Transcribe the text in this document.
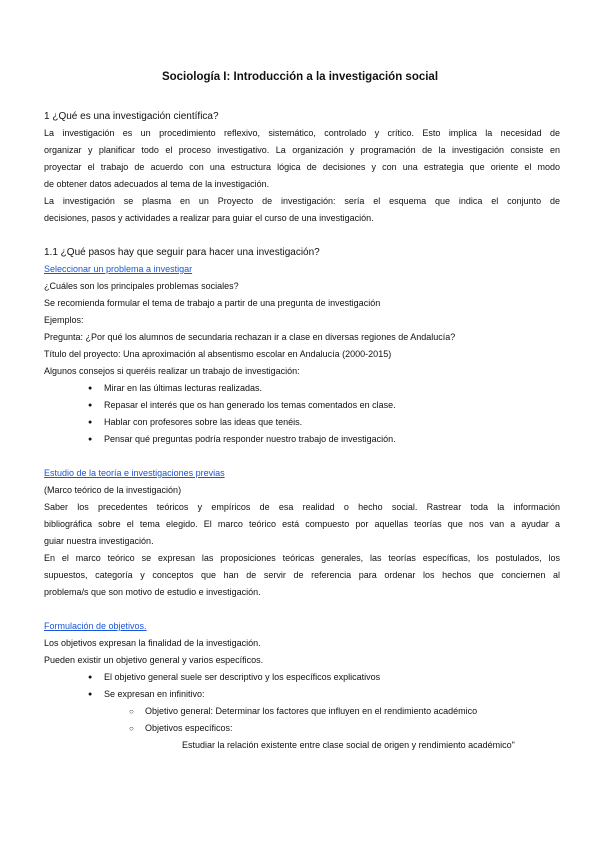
Sociología I: Introducción a la investigación social
1 ¿Qué es una investigación científica?
La investigación es un procedimiento reflexivo, sistemático, controlado y crítico. Esto implica la necesidad de
organizar y planificar todo el proceso investigativo. La organización y programación de la investigación consiste en
proyectar el trabajo de acuerdo con una estructura lógica de decisiones y con una estrategia que oriente el modo
de obtener datos adecuados al tema de la investigación.
La investigación se plasma en un Proyecto de investigación: sería el esquema que indica el conjunto de
decisiones, pasos y actividades a realizar para guiar el curso de una investigación.
1.1 ¿Qué pasos hay que seguir para hacer una investigación?
Seleccionar un problema a investigar
¿Cuáles son los principales problemas sociales?
Se recomienda formular el tema de trabajo a partir de una pregunta de investigación
Ejemplos:
Pregunta: ¿Por qué los alumnos de secundaria rechazan ir a clase en diversas regiones de Andalucía?
Título del proyecto: Una aproximación al absentismo escolar en Andalucía (2000-2015)
Algunos consejos si queréis realizar un trabajo de investigación:
● Mirar en las últimas lecturas realizadas.
● Repasar el interés que os han generado los temas comentados en clase.
● Hablar con profesores sobre las ideas que tenéis.
● Pensar qué preguntas podría responder nuestro trabajo de investigación.
Estudio de la teoría e investigaciones previas
(Marco teórico de la investigación)
Saber los precedentes teóricos y empíricos de esa realidad o hecho social. Rastrear toda la información
bibliográfica sobre el tema elegido. El marco teórico está compuesto por aquellas teorías que nos van a ayudar a
guiar nuestra investigación.
En el marco teórico se expresan las proposiciones teóricas generales, las teorías específicas, los postulados, los
supuestos, categoría y conceptos que han de servir de referencia para ordenar los hechos que conciernen al
problema/s que son motivo de estudio e investigación.
Formulación de objetivos.
Los objetivos expresan la finalidad de la investigación.
Pueden existir un objetivo general y varios específicos.
● El objetivo general suele ser descriptivo y los específicos explicativos
● Se expresan en infinitivo:
○ Objetivo general: Determinar los factores que influyen en el rendimiento académico
○ Objetivos específicos:
Estudiar la relación existente entre clase social de origen y rendimiento académico"
